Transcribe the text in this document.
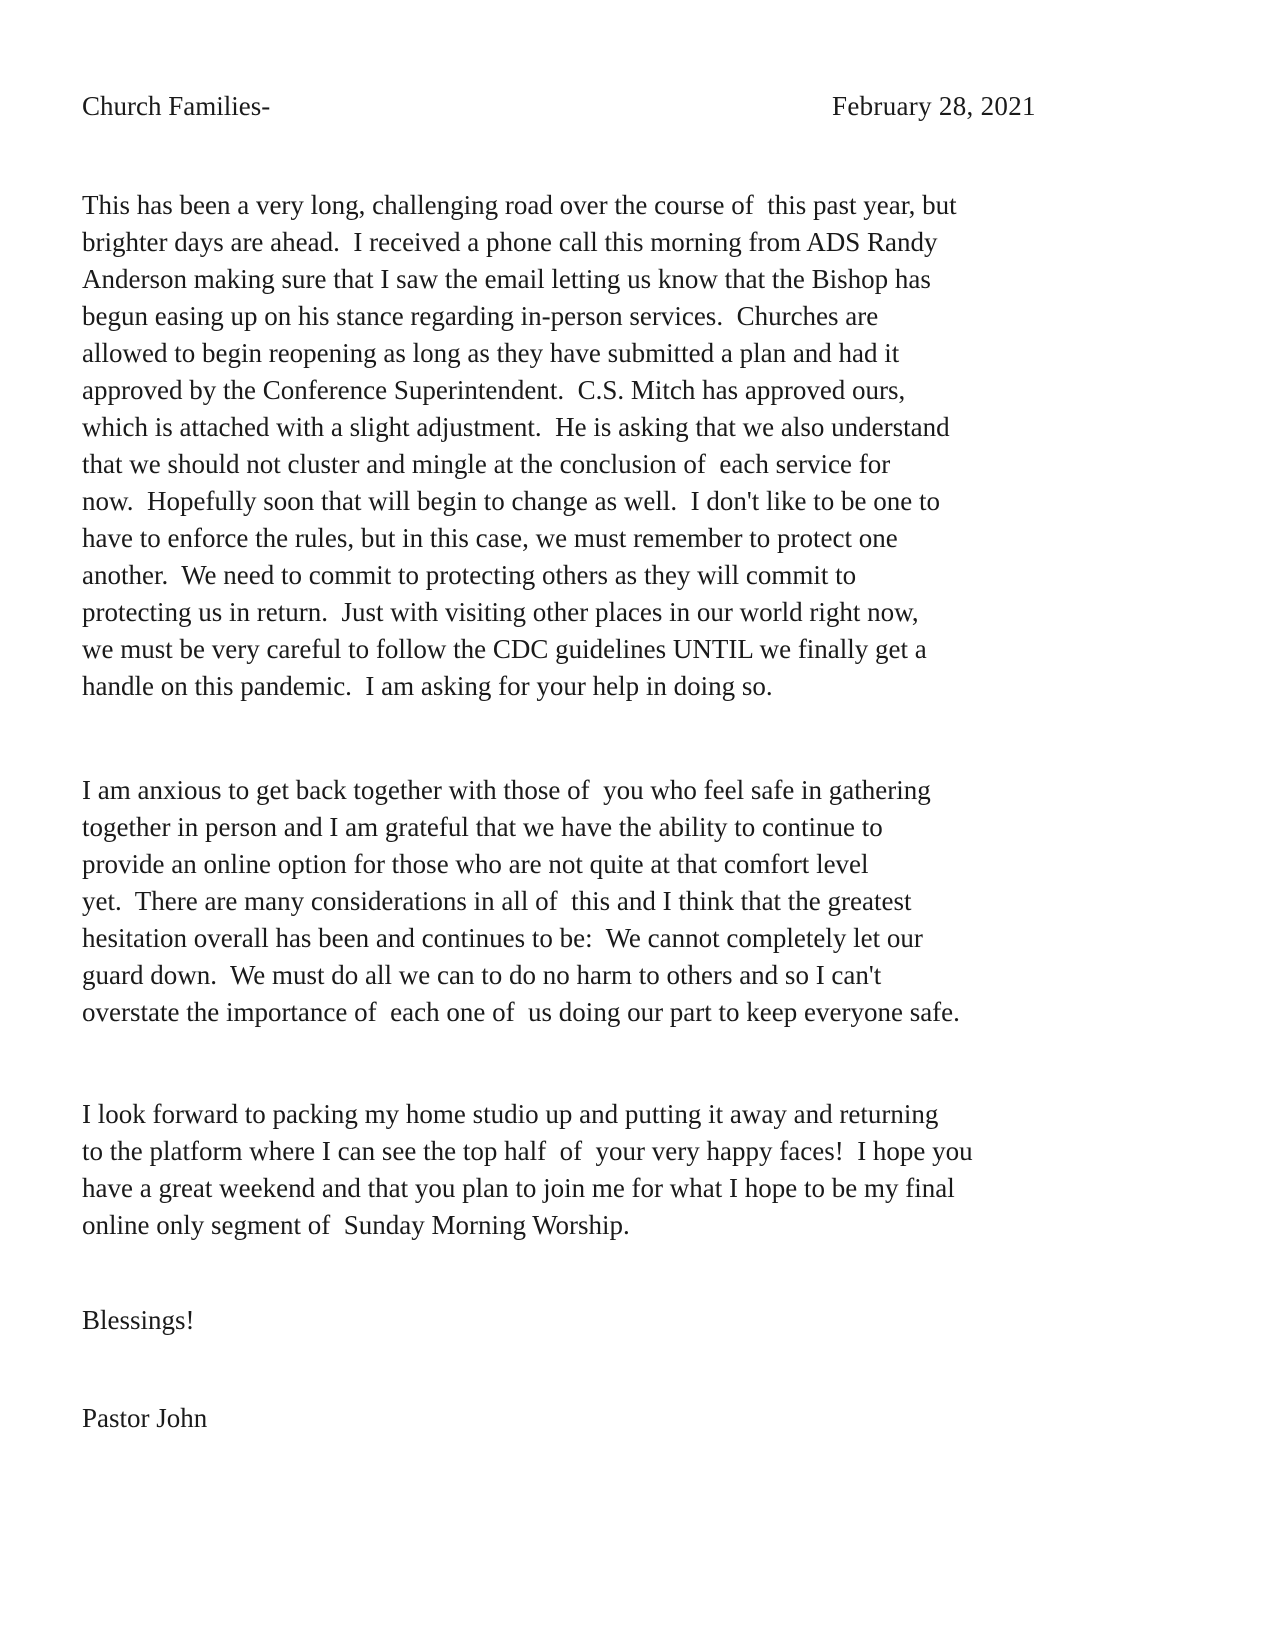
Church Families-	February 28, 2021
This has been a very long, challenging road over the course of  this past year, but
brighter days are ahead.  I received a phone call this morning from ADS Randy
Anderson making sure that I saw the email letting us know that the Bishop has
begun easing up on his stance regarding in-person services.  Churches are
allowed to begin reopening as long as they have submitted a plan and had it
approved by the Conference Superintendent.  C.S. Mitch has approved ours,
which is attached with a slight adjustment.  He is asking that we also understand
that we should not cluster and mingle at the conclusion of  each service for
now.  Hopefully soon that will begin to change as well.  I don't like to be one to
have to enforce the rules, but in this case, we must remember to protect one
another.  We need to commit to protecting others as they will commit to
protecting us in return.  Just with visiting other places in our world right now,
we must be very careful to follow the CDC guidelines UNTIL we finally get a
handle on this pandemic.  I am asking for your help in doing so.
I am anxious to get back together with those of  you who feel safe in gathering
together in person and I am grateful that we have the ability to continue to
provide an online option for those who are not quite at that comfort level
yet.  There are many considerations in all of  this and I think that the greatest
hesitation overall has been and continues to be:  We cannot completely let our
guard down.  We must do all we can to do no harm to others and so I can't
overstate the importance of  each one of  us doing our part to keep everyone safe.
I look forward to packing my home studio up and putting it away and returning
to the platform where I can see the top half  of  your very happy faces!  I hope you
have a great weekend and that you plan to join me for what I hope to be my final
online only segment of  Sunday Morning Worship.
Blessings!
Pastor John
